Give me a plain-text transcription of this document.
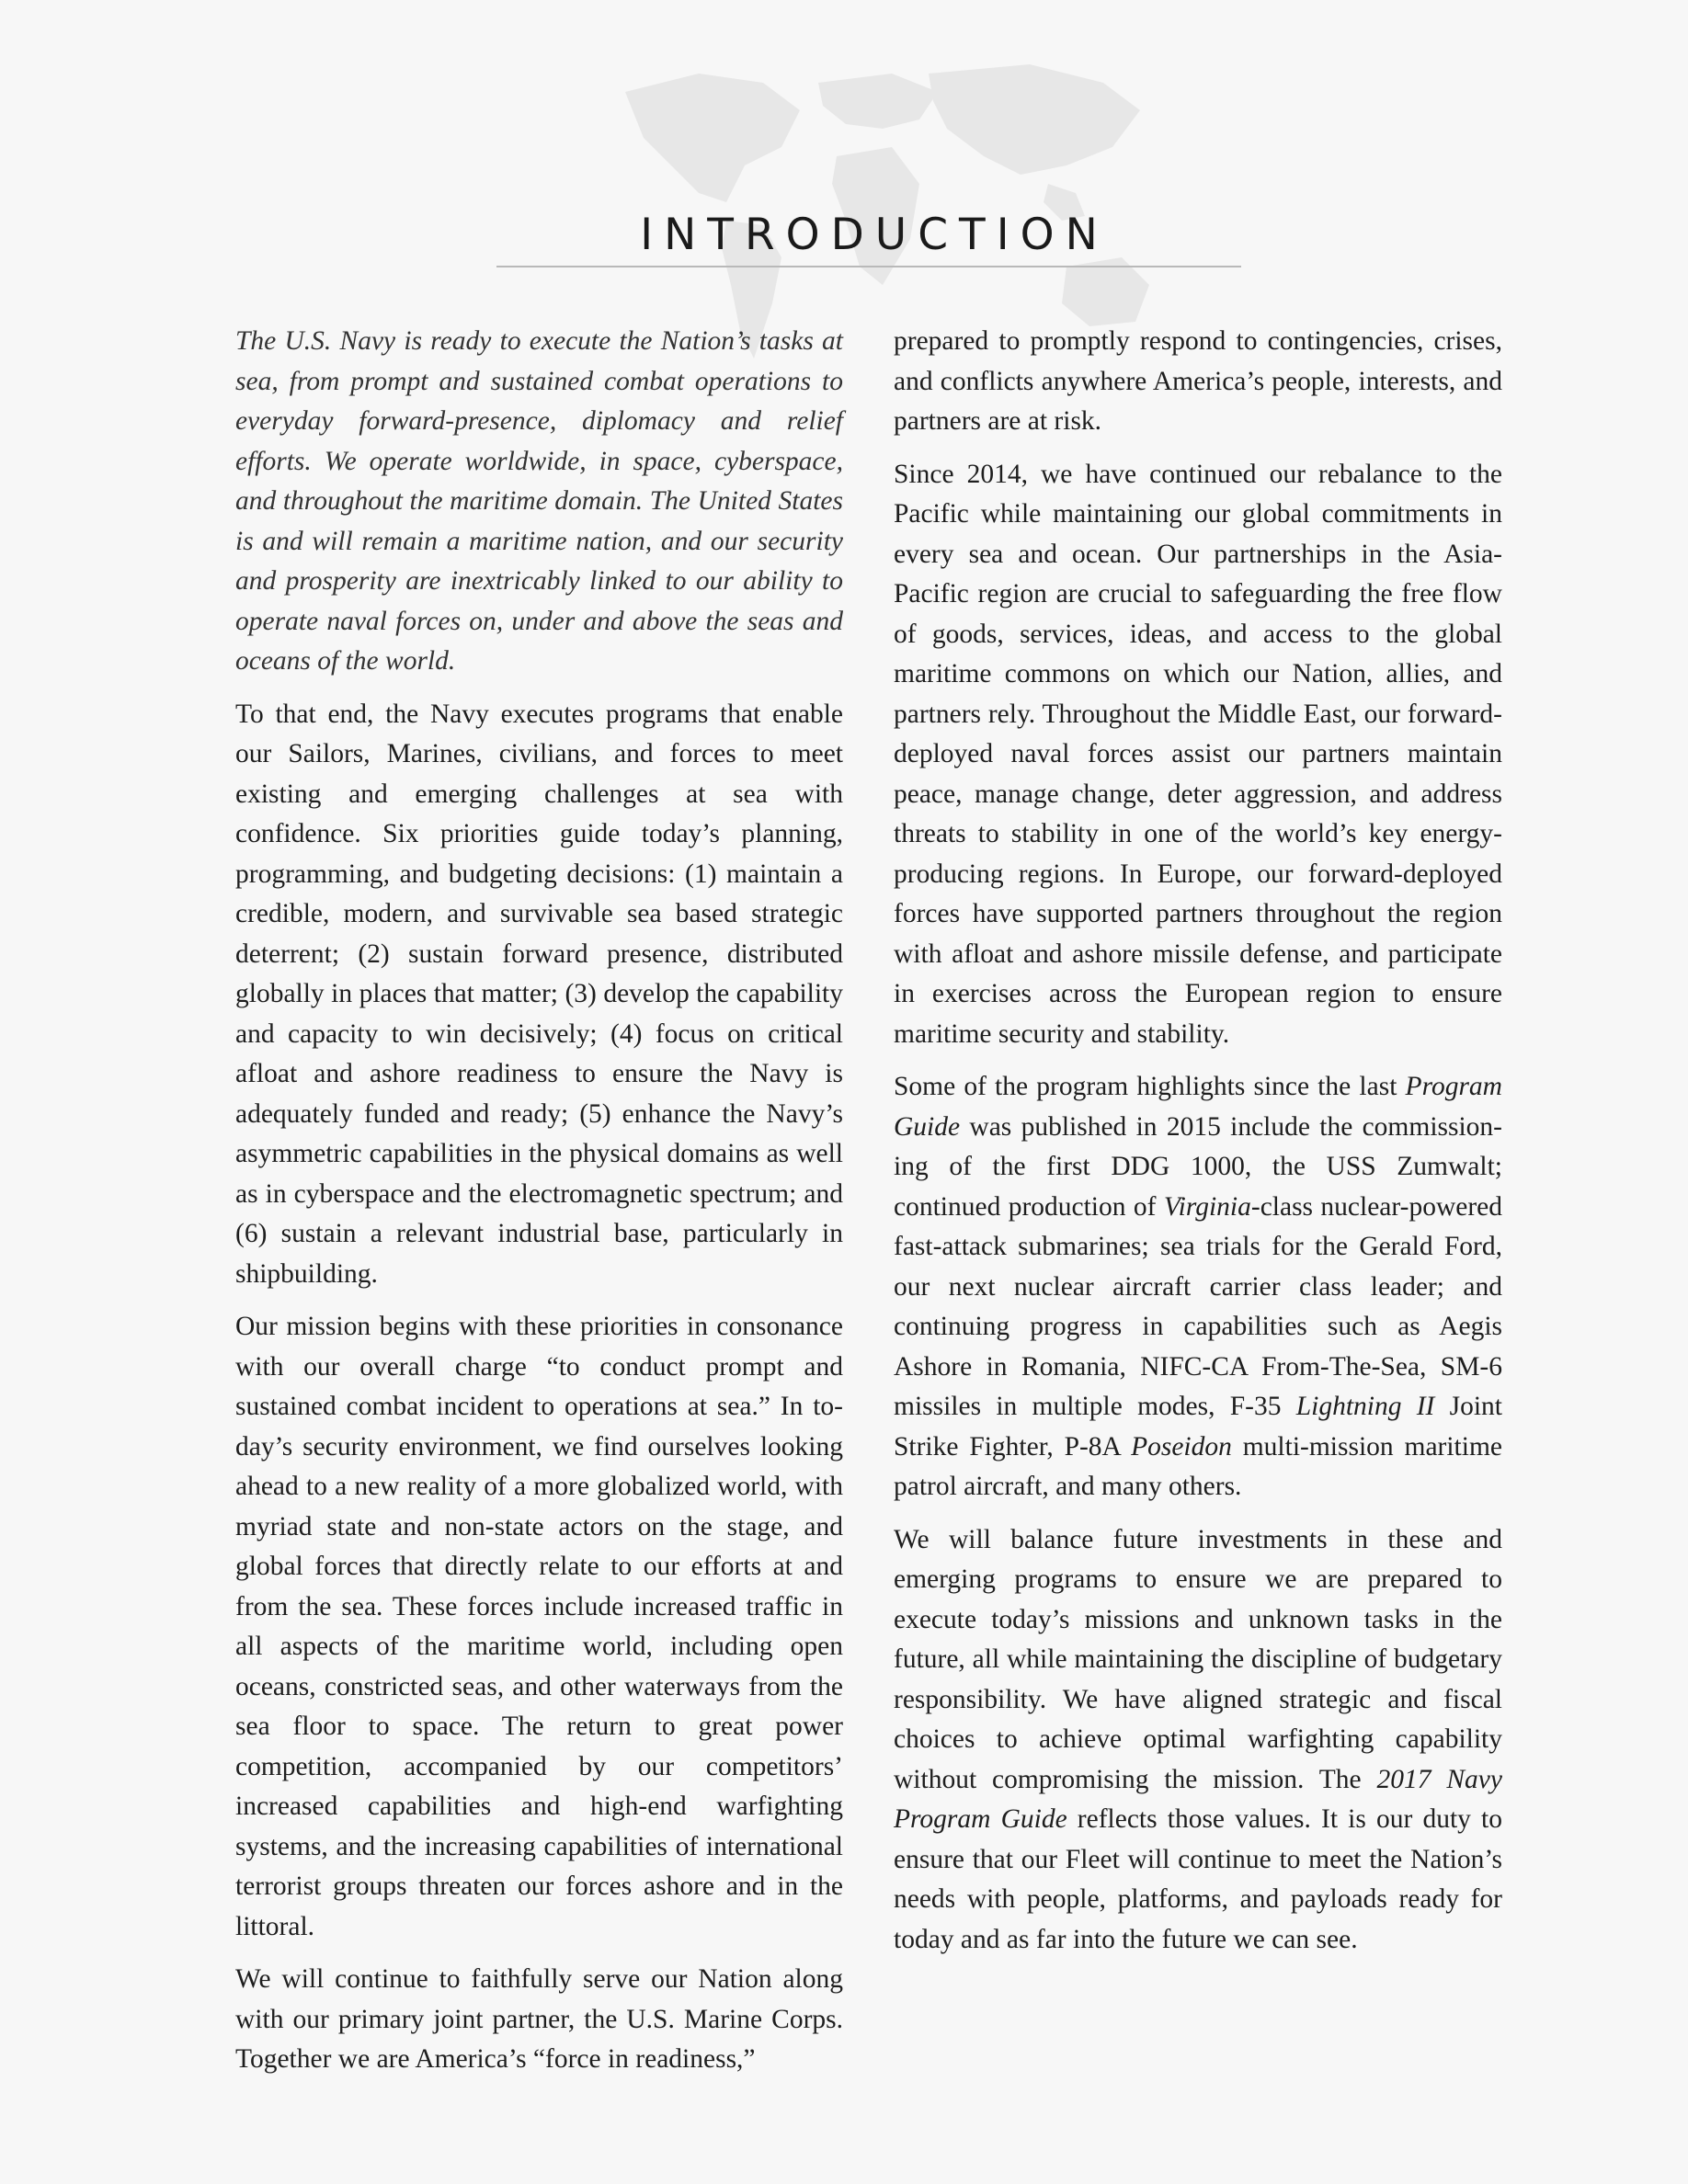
INTRODUCTION

The U.S. Navy is ready to execute the Nation’s tasks at sea, from prompt and sustained combat operations to everyday forward-presence, diplomacy and relief efforts. We operate worldwide, in space, cyberspace, and throughout the maritime domain. The United States is and will remain a maritime nation, and our security and prosperity are inextricably linked to our ability to operate naval forces on, under and above the seas and oceans of the world.

To that end, the Navy executes programs that enable our Sailors, Marines, civilians, and forces to meet existing and emerging challenges at sea with confidence. Six priorities guide today’s planning, programming, and budgeting decisions: (1) maintain a credible, modern, and survivable sea based strategic deterrent; (2) sustain forward presence, distributed globally in places that matter; (3) develop the capability and capacity to win decisively; (4) focus on critical afloat and ashore readiness to ensure the Navy is adequately funded and ready; (5) enhance the Navy’s asymmetric capabilities in the physical domains as well as in cyberspace and the electromagnetic spectrum; and (6) sustain a relevant industrial base, particularly in shipbuilding.

Our mission begins with these priorities in consonance with our overall charge “to conduct prompt and sustained combat incident to operations at sea.” In today’s security environment, we find ourselves looking ahead to a new reality of a more globalized world, with myriad state and non-state actors on the stage, and global forces that directly relate to our efforts at and from the sea. These forces include increased traffic in all aspects of the maritime world, including open oceans, constricted seas, and other waterways from the sea floor to space. The return to great power competition, accompanied by our competitors’ increased capabilities and high-end warfighting systems, and the increasing capabilities of international terrorist groups threaten our forces ashore and in the littoral.

We will continue to faithfully serve our Nation along with our primary joint partner, the U.S. Marine Corps. Together we are America’s “force in readiness,”

prepared to promptly respond to contingencies, crises, and conflicts anywhere America’s people, interests, and partners are at risk.

Since 2014, we have continued our rebalance to the Pacific while maintaining our global commitments in every sea and ocean. Our partnerships in the Asia-Pacific region are crucial to safeguarding the free flow of goods, services, ideas, and access to the global maritime commons on which our Nation, allies, and partners rely. Throughout the Middle East, our forward-deployed naval forces assist our partners maintain peace, manage change, deter aggression, and address threats to stability in one of the world’s key energy-producing regions. In Europe, our forward-deployed forces have supported partners throughout the region with afloat and ashore missile defense, and participate in exercises across the European region to ensure maritime security and stability.

Some of the program highlights since the last Program Guide was published in 2015 include the commissioning of the first DDG 1000, the USS Zumwalt; continued production of Virginia-class nuclear-powered fast-attack submarines; sea trials for the Gerald Ford, our next nuclear aircraft carrier class leader; and continuing progress in capabilities such as Aegis Ashore in Romania, NIFC-CA From-The-Sea, SM-6 missiles in multiple modes, F-35 Lightning II Joint Strike Fighter, P-8A Poseidon multi-mission maritime patrol aircraft, and many others.

We will balance future investments in these and emerging programs to ensure we are prepared to execute today’s missions and unknown tasks in the future, all while maintaining the discipline of budgetary responsibility. We have aligned strategic and fiscal choices to achieve optimal warfighting capability without compromising the mission. The 2017 Navy Program Guide reflects those values. It is our duty to ensure that our Fleet will continue to meet the Nation’s needs with people, platforms, and payloads ready for today and as far into the future we can see.
